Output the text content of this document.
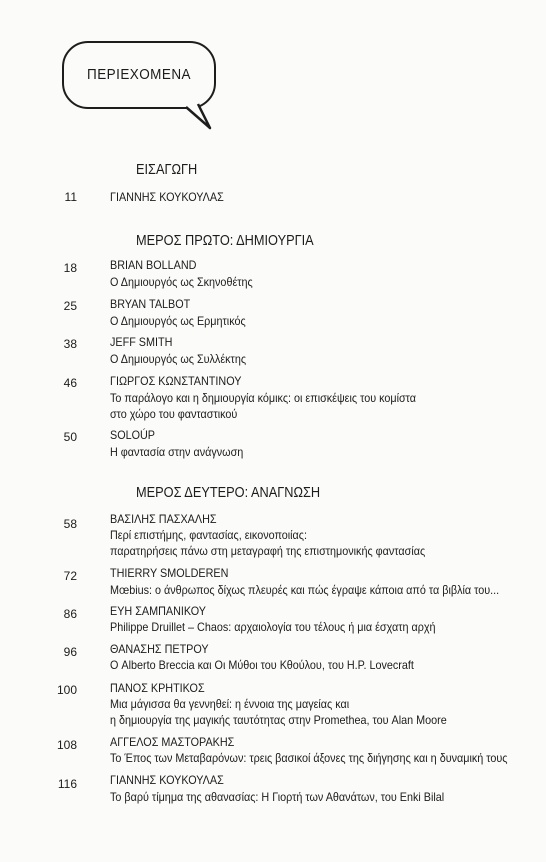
ΠΕΡΙΕΧΟΜΕΝΑ
ΕΙΣΑΓΩΓΗ
11	ΓΙΑΝΝΗΣ ΚΟΥΚΟΥΛΑΣ
ΜΕΡΟΣ ΠΡΩΤΟ: ΔΗΜΙΟΥΡΓΙΑ
18	BRIAN BOLLAND
Ο Δημιουργός ως Σκηνοθέτης
25	BRYAN TALBOT
Ο Δημιουργός ως Ερμητικός
38	JEFF SMITH
Ο Δημιουργός ως Συλλέκτης
46	ΓΙΩΡΓΟΣ ΚΩΝΣΤΑΝΤΙΝΟΥ
Το παράλογο και η δημιουργία κόμικς: οι επισκέψεις του κομίστα
στο χώρο του φανταστικού
50	SOLOÚP
Η φαντασία στην ανάγνωση
ΜΕΡΟΣ ΔΕΥΤΕΡΟ: ΑΝΑΓΝΩΣΗ
58	ΒΑΣΙΛΗΣ ΠΑΣΧΑΛΗΣ
Περί επιστήμης, φαντασίας, εικονοποιίας:
παρατηρήσεις πάνω στη μεταγραφή της επιστημονικής φαντασίας
72	THIERRY SMOLDEREN
Mœbius: ο άνθρωπος δίχως πλευρές και πώς έγραψε κάποια από τα βιβλία του...
86	ΕΥΗ ΣΑΜΠΑΝΙΚΟΥ
Philippe Druillet – Chaos: αρχαιολογία του τέλους ή μια έσχατη αρχή
96	ΘΑΝΑΣΗΣ ΠΕΤΡΟΥ
Ο Alberto Breccia και Οι Μύθοι του Κθούλου, του H.P. Lovecraft
100	ΠΑΝΟΣ ΚΡΗΤΙΚΟΣ
Μια μάγισσα θα γεννηθεί: η έννοια της μαγείας και
η δημιουργία της μαγικής ταυτότητας στην Promethea, του Alan Moore
108	ΑΓΓΕΛΟΣ ΜΑΣΤΟΡΑΚΗΣ
Το Έπος των Μεταβαρόνων: τρεις βασικοί άξονες της διήγησης και η δυναμική τους
116	ΓΙΑΝΝΗΣ ΚΟΥΚΟΥΛΑΣ
Το βαρύ τίμημα της αθανασίας: Η Γιορτή των Αθανάτων, του Enki Bilal
